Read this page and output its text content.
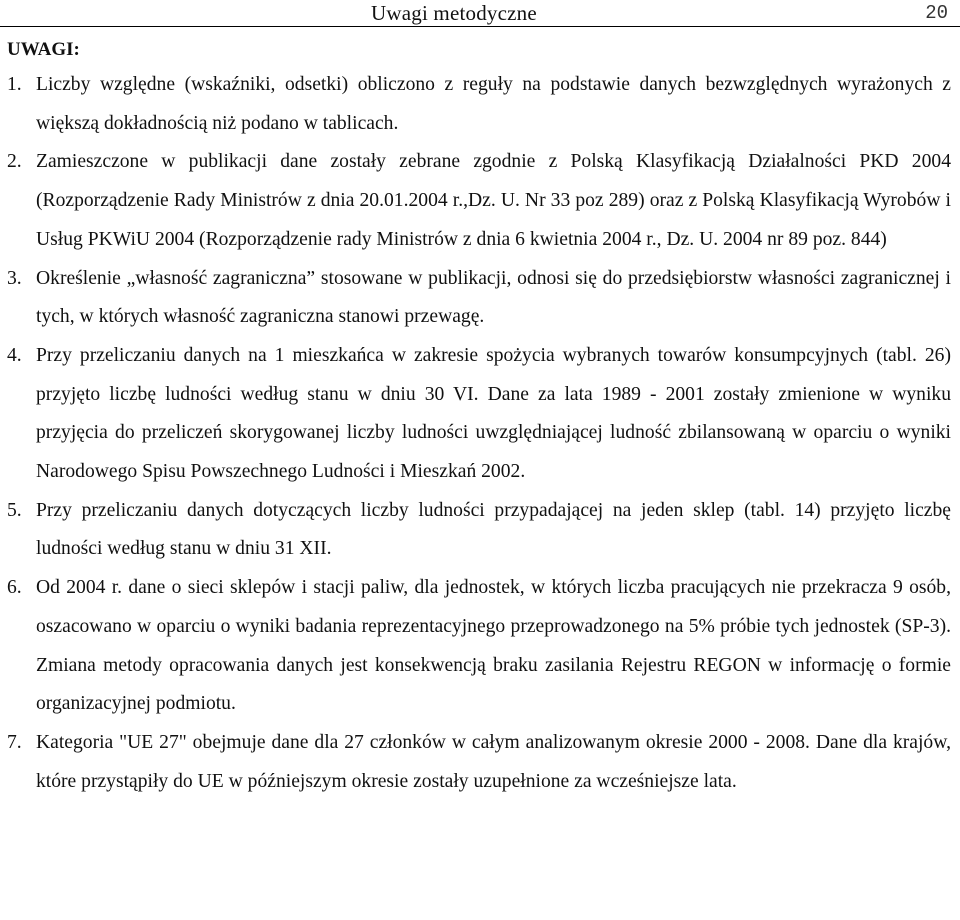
Uwagi metodyczne	20
UWAGI:
1. Liczby względne (wskaźniki, odsetki) obliczono z reguły na podstawie danych bezwzględnych wyrażonych z większą dokładnością niż podano w tablicach.
2. Zamieszczone w publikacji dane zostały zebrane zgodnie z Polską Klasyfikacją Działalności PKD 2004 (Rozporządzenie Rady Ministrów z dnia 20.01.2004 r.,Dz. U. Nr 33 poz 289) oraz z Polską Klasyfikacją Wyrobów i Usług PKWiU 2004 (Rozporządzenie rady Ministrów z dnia 6 kwietnia 2004 r., Dz. U. 2004 nr 89 poz. 844)
3. Określenie „własność zagraniczna” stosowane w publikacji, odnosi się do przedsiębiorstw własności zagranicznej i tych, w których własność zagraniczna stanowi przewagę.
4. Przy przeliczaniu danych na 1 mieszkańca w zakresie spożycia wybranych towarów konsumpcyjnych (tabl. 26) przyjęto liczbę ludności według stanu w dniu 30 VI. Dane za lata 1989 - 2001 zostały zmienione w wyniku przyjęcia do przeliczeń skorygowanej liczby ludności uwzględniającej ludność zbilansowaną w oparciu o wyniki Narodowego Spisu Powszechnego Ludności i Mieszkań 2002.
5. Przy przeliczaniu danych dotyczących liczby ludności przypadającej na jeden sklep (tabl. 14) przyjęto liczbę ludności według stanu w dniu 31 XII.
6. Od 2004 r. dane o sieci sklepów i stacji paliw, dla jednostek, w których liczba pracujących nie przekracza 9 osób, oszacowano w oparciu o wyniki badania reprezentacyjnego przeprowadzonego na 5% próbie tych jednostek (SP-3). Zmiana metody opracowania danych jest konsekwencją braku zasilania Rejestru REGON w informację o formie organizacyjnej podmiotu.
7. Kategoria "UE 27" obejmuje dane dla 27 członków w całym analizowanym okresie 2000 - 2008. Dane dla krajów, które przystąpiły do UE w późniejszym okresie zostały uzupełnione za wcześniejsze lata.
